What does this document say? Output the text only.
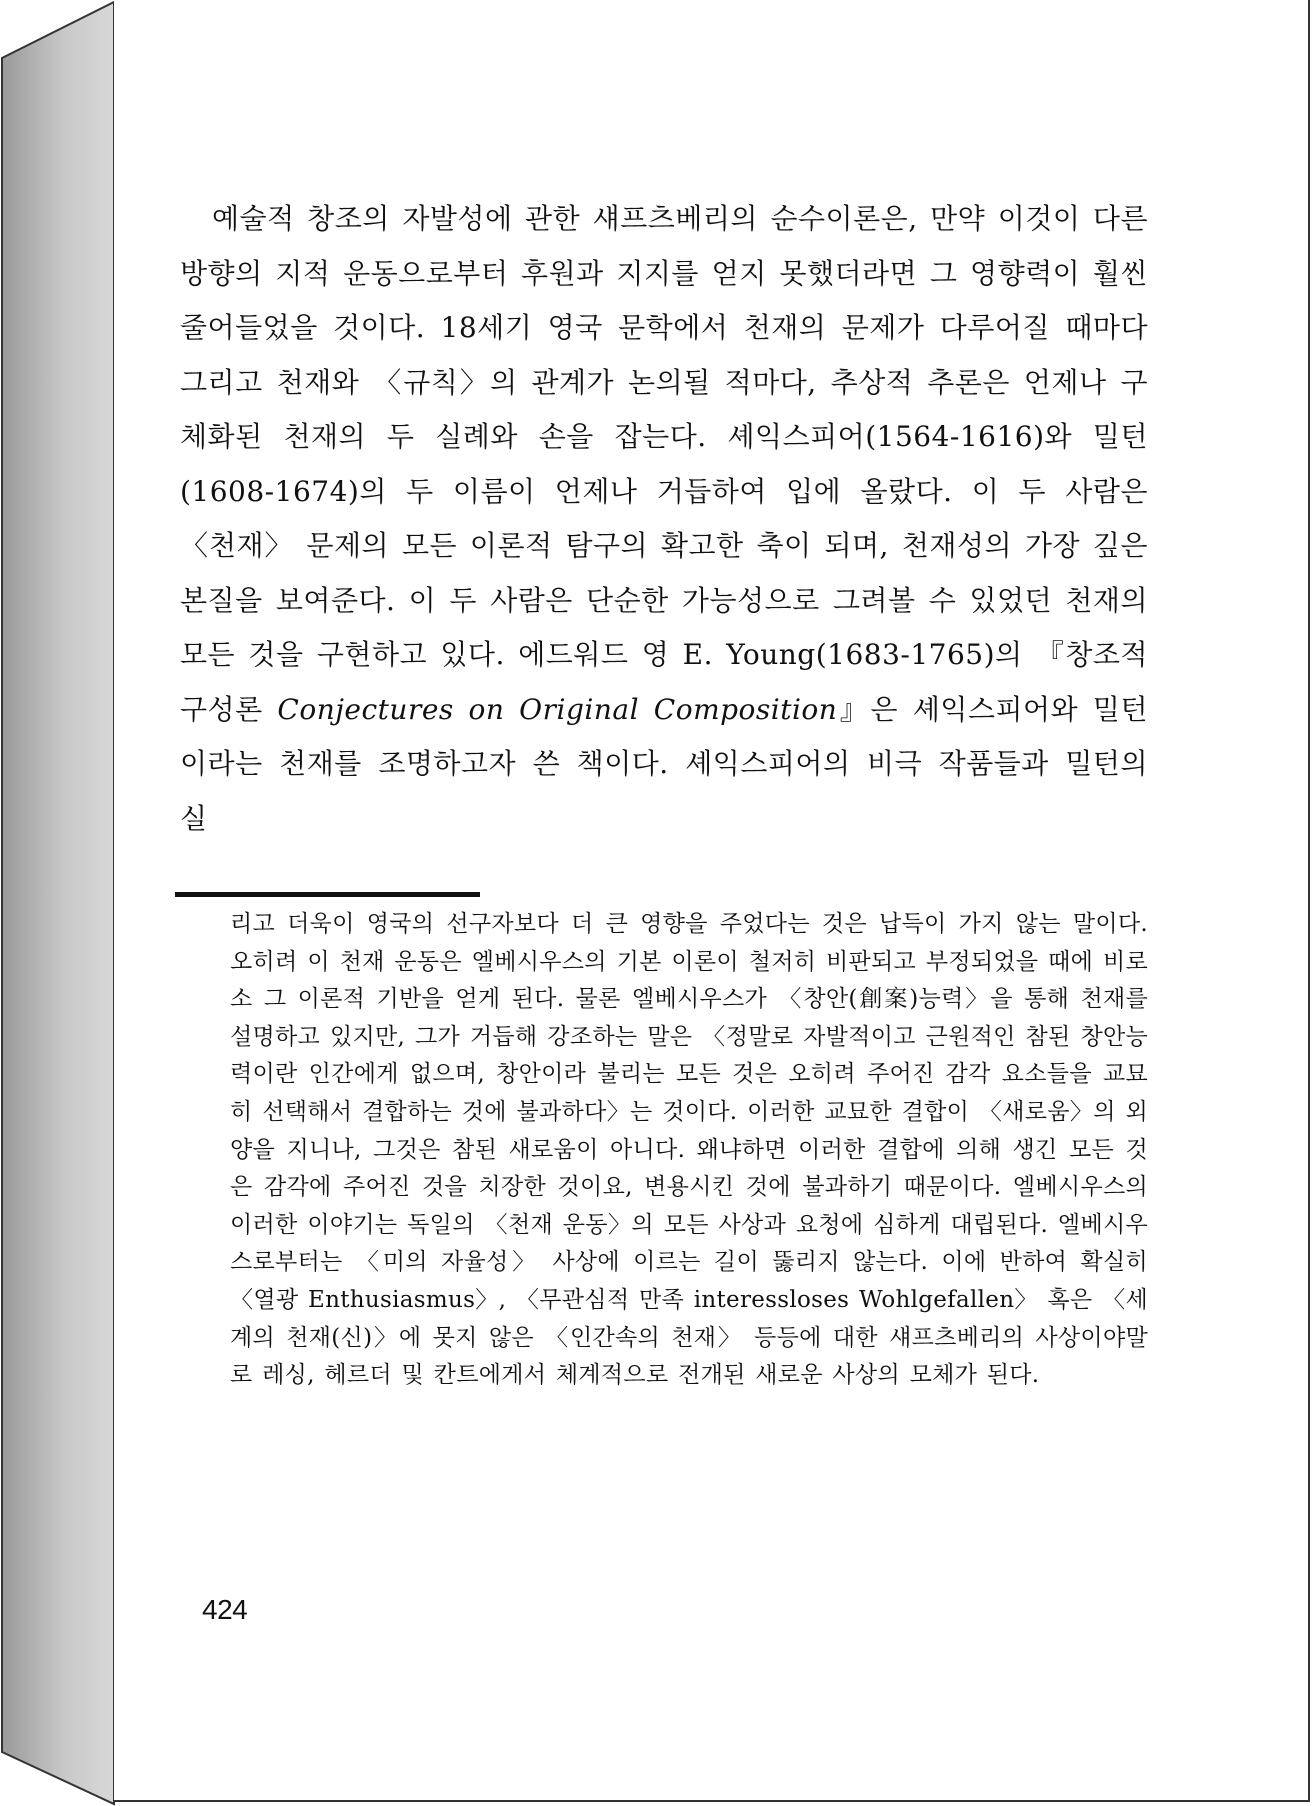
예술적 창조의 자발성에 관한 섀프츠베리의 순수이론은, 만약 이것이 다른 방향의 지적 운동으로부터 후원과 지지를 얻지 못했더라면 그 영향력이 훨씬 줄어들었을 것이다. 18세기 영국 문학에서 천재의 문제가 다루어질 때마다 그리고 천재와 〈규칙〉의 관계가 논의될 적마다, 추상적 추론은 언제나 구체화된 천재의 두 실례와 손을 잡는다. 셰익스피어(1564-1616)와 밀턴(1608-1674)의 두 이름이 언제나 거듭하여 입에 올랐다. 이 두 사람은 〈천재〉 문제의 모든 이론적 탐구의 확고한 축이 되며, 천재성의 가장 깊은 본질을 보여준다. 이 두 사람은 단순한 가능성으로 그려볼 수 있었던 천재의 모든 것을 구현하고 있다. 에드워드 영 E. Young(1683-1765)의 『창조적 구성론 Conjectures on Original Composition』은 셰익스피어와 밀턴이라는 천재를 조명하고자 쓴 책이다. 셰익스피어의 비극 작품들과 밀턴의 실

리고 더욱이 영국의 선구자보다 더 큰 영향을 주었다는 것은 납득이 가지 않는 말이다. 오히려 이 천재 운동은 엘베시우스의 기본 이론이 철저히 비판되고 부정되었을 때에 비로소 그 이론적 기반을 얻게 된다. 물론 엘베시우스가 〈창안(創案)능력〉을 통해 천재를 설명하고 있지만, 그가 거듭해 강조하는 말은 〈정말로 자발적이고 근원적인 참된 창안능력이란 인간에게 없으며, 창안이라 불리는 모든 것은 오히려 주어진 감각 요소들을 교묘히 선택해서 결합하는 것에 불과하다〉는 것이다. 이러한 교묘한 결합이 〈새로움〉의 외양을 지니나, 그것은 참된 새로움이 아니다. 왜냐하면 이러한 결합에 의해 생긴 모든 것은 감각에 주어진 것을 치장한 것이요, 변용시킨 것에 불과하기 때문이다. 엘베시우스의 이러한 이야기는 독일의 〈천재 운동〉의 모든 사상과 요청에 심하게 대립된다. 엘베시우스로부터는 〈미의 자율성〉 사상에 이르는 길이 뚫리지 않는다. 이에 반하여 확실히 〈열광 Enthusiasmus〉, 〈무관심적 만족 interessloses Wohlgefallen〉 혹은 〈세계의 천재(신)〉에 못지 않은 〈인간속의 천재〉 등등에 대한 섀프츠베리의 사상이야말로 레싱, 헤르더 및 칸트에게서 체계적으로 전개된 새로운 사상의 모체가 된다.

424
